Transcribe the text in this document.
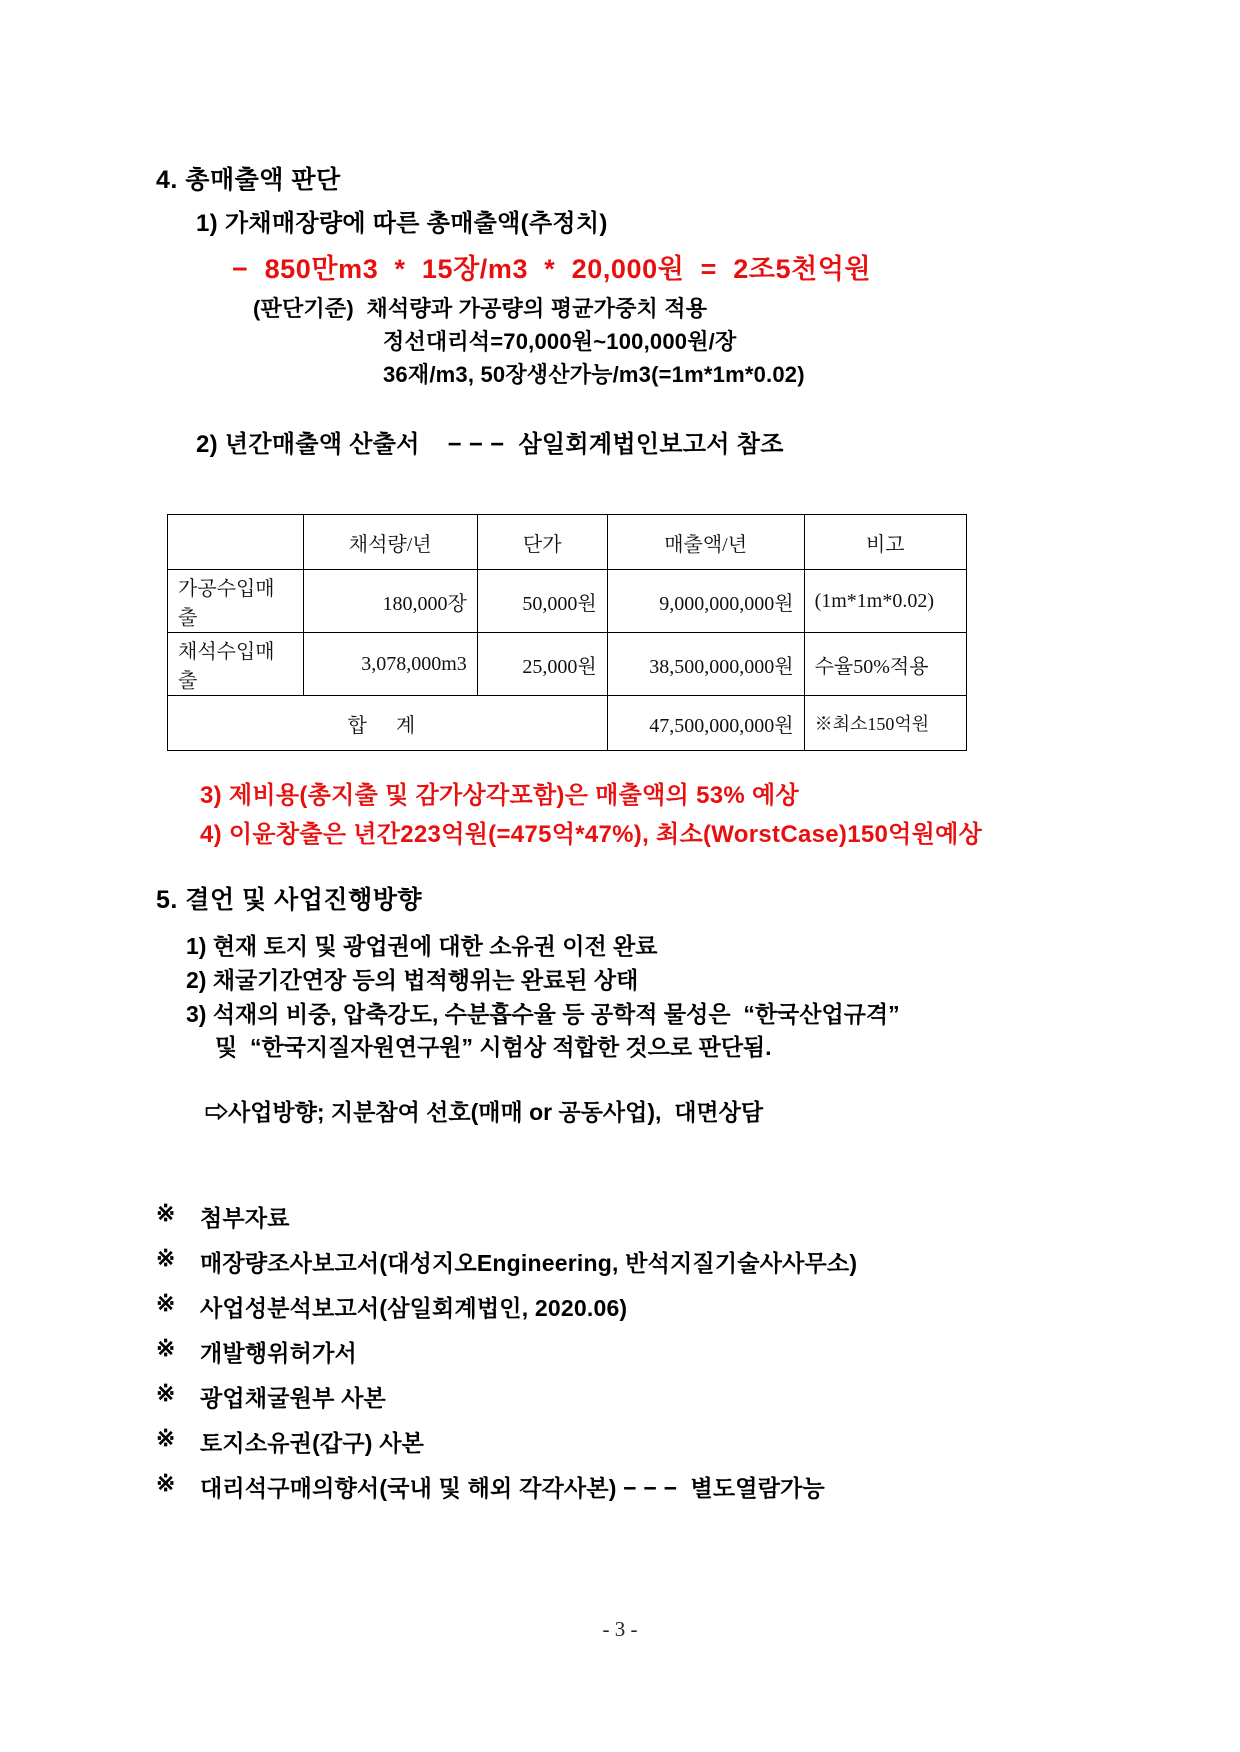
4. 총매출액 판단
1) 가채매장량에 따른 총매출액(추정치)
−  850만m3  *  15장/m3  *  20,000원  =  2조5천억원
(판단기준)  채석량과 가공량의 평균가중치 적용
정선대리석=70,000원~100,000원/장
36재/m3, 50장생산가능/m3(=1m*1m*0.02)
2) 년간매출액 산출서    − − −  삼일회계법인보고서 참조
	채석량/년	단가	매출액/년	비고
가공수입매출	180,000장	50,000원	9,000,000,000원	(1m*1m*0.02)
채석수입매출	3,078,000m3	25,000원	38,500,000,000원	수율50%적용
합 계			47,500,000,000원	※최소150억원
3) 제비용(총지출 및 감가상각포함)은 매출액의 53% 예상
4) 이윤창출은 년간223억원(=475억*47%), 최소(WorstCase)150억원예상
5. 결언 및 사업진행방향
1) 현재 토지 및 광업권에 대한 소유권 이전 완료
2) 채굴기간연장 등의 법적행위는 완료된 상태
3) 석재의 비중, 압축강도, 수분흡수율 등 공학적 물성은  “한국산업규격”
및  “한국지질자원연구원” 시험상 적합한 것으로 판단됨.
⇨사업방향; 지분참여 선호(매매 or 공동사업),  대면상담
※ 첨부자료
※ 매장량조사보고서(대성지오Engineering, 반석지질기술사사무소)
※ 사업성분석보고서(삼일회계법인, 2020.06)
※ 개발행위허가서
※ 광업채굴원부 사본
※ 토지소유권(갑구) 사본
※ 대리석구매의향서(국내 및 해외 각각사본) − − −  별도열람가능
- 3 -
